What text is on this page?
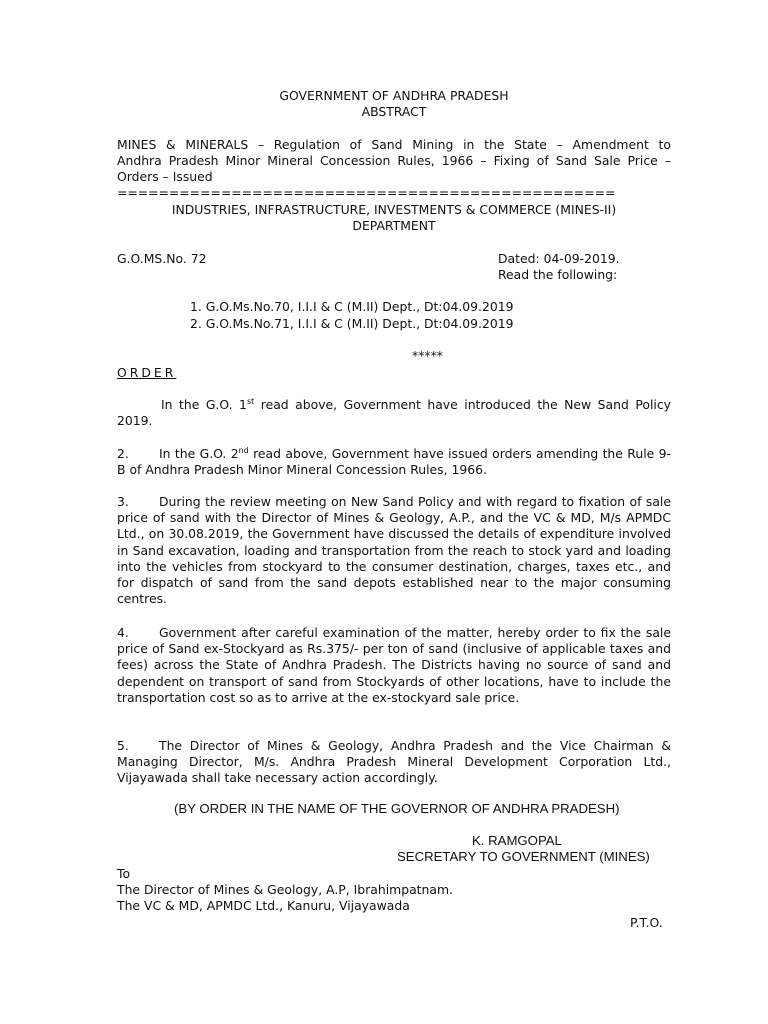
GOVERNMENT OF ANDHRA PRADESH
ABSTRACT

MINES & MINERALS – Regulation of Sand Mining in the State – Amendment to

Andhra Pradesh Minor Mineral Concession Rules, 1966 – Fixing of Sand Sale Price –

Orders – Issued

================================================
INDUSTRIES, INFRASTRUCTURE, INVESTMENTS & COMMERCE (MINES-II)
DEPARTMENT
G.O.MS.No. 72	Dated: 04-09-2019.
Read the following:
1. G.O.Ms.No.70, I.I.I & C (M.II) Dept., Dt:04.09.2019
2. G.O.Ms.No.71, I.I.I & C (M.II) Dept., Dt:04.09.2019
*****
ORDER
In the G.O. 1st read above, Government have introduced the New Sand Policy 2019.
2. In the G.O. 2nd read above, Government have issued orders amending the Rule 9-B of Andhra Pradesh Minor Mineral Concession Rules, 1966.
3. During the review meeting on New Sand Policy and with regard to fixation of sale price of sand with the Director of Mines & Geology, A.P., and the VC & MD, M/s APMDC Ltd., on 30.08.2019, the Government have discussed the details of expenditure involved in Sand excavation, loading and transportation from the reach to stock yard and loading into the vehicles from stockyard to the consumer destination, charges, taxes etc., and for dispatch of sand from the sand depots established near to the major consuming centres.
4. Government after careful examination of the matter, hereby order to fix the sale price of Sand ex-Stockyard as Rs.375/- per ton of sand (inclusive of applicable taxes and fees) across the State of Andhra Pradesh. The Districts having no source of sand and dependent on transport of sand from Stockyards of other locations, have to include the transportation cost so as to arrive at the ex-stockyard sale price.
5. The Director of Mines & Geology, Andhra Pradesh and the Vice Chairman & Managing Director, M/s. Andhra Pradesh Mineral Development Corporation Ltd., Vijayawada shall take necessary action accordingly.
(BY ORDER IN THE NAME OF THE GOVERNOR OF ANDHRA PRADESH)
K. RAMGOPAL
SECRETARY TO GOVERNMENT (MINES)
To
The Director of Mines & Geology, A.P, Ibrahimpatnam.
The VC & MD, APMDC Ltd., Kanuru, Vijayawada
P.T.O.
